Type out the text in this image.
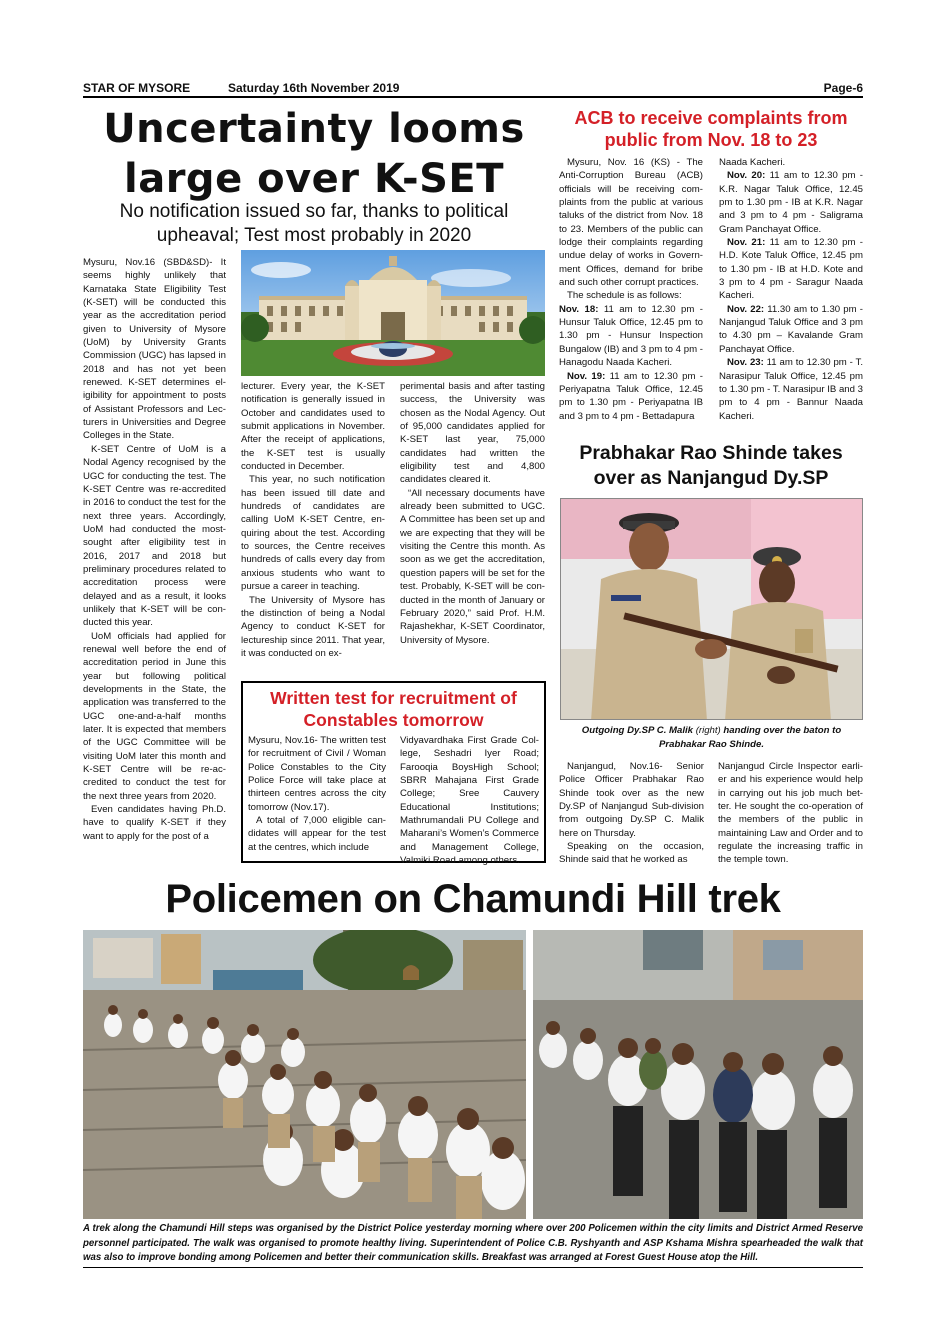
STAR OF MYSORE	Saturday 16th November 2019	Page-6
Uncertainty looms
large over K-SET
No notification issued so far, thanks to political
upheaval; Test most probably in 2020

Mysuru, Nov.16 (SBD&SD)- It seems highly unlikely that Karnataka State Eligibility Test (K-SET) will be conducted this year as the accreditation period given to University of Mysore (UoM) by University Grants Commission (UGC) has lapsed in 2018 and has not yet been renewed. K-SET determines eligibility for appointment to posts of Assistant Professors and Lecturers in Universities and Degree Colleges in the State.

K-SET Centre of UoM is a Nodal Agency recognised by the UGC for conducting the test. The K-SET Centre was re-accredited in 2016 to conduct the test for the next three years. Accordingly, UoM had conducted the most-sought after eligibility test in 2016, 2017 and 2018 but preliminary procedures related to accreditation process were delayed and as a result, it looks unlikely that K-SET will be conducted this year.

UoM officials had applied for renewal well before the end of accreditation period in June this year but following political developments in the State, the application was transferred to the UGC one-and-a-half months later. It is expected that members of the UGC Committee will be visiting UoM later this month and K-SET Centre will be re-accredited to conduct the test for the next three years from 2020.

Even candidates having Ph.D. have to qualify K-SET if they want to apply for the post of a

lecturer. Every year, the K-SET notification is generally issued in October and candidates used to submit applications in November. After the receipt of applications, the K-SET test is usually conducted in December.

This year, no such notification has been issued till date and hundreds of candidates are calling UoM K-SET Centre, enquiring about the test. According to sources, the Centre receives hundreds of calls every day from anxious students who want to pursue a career in teaching.

The University of Mysore has the distinction of being a Nodal Agency to conduct K-SET for lectureship since 2011. That year, it was conducted on ex-

perimental basis and after tasting success, the University was chosen as the Nodal Agency. Out of 95,000 candidates applied for K-SET last year, 75,000 candidates had written the eligibility test and 4,800 candidates cleared it.

“All necessary documents have already been submitted to UGC. A Committee has been set up and we are expecting that they will be visiting the Centre this month. As soon as we get the accreditation, question papers will be set for the test. Probably, K-SET will be conducted in the month of January or February 2020,” said Prof. H.M. Rajashekhar, K-SET Coordinator, University of Mysore.

Written test for recruitment of
Constables tomorrow

Mysuru, Nov.16- The written test for recruitment of Civil / Woman Police Constables to the City Police Force will take place at thirteen centres across the city tomorrow (Nov.17).

A total of 7,000 eligible candidates will appear for the test at the centres, which include

Vidyavardhaka First Grade College, Seshadri Iyer Road; Farooqia BoysHigh School; SBRR Mahajana First Grade College; Sree Cauvery Educational Institutions; Mathrumandali PU College and Maharani’s Women’s Commerce and Management College, Valmiki Road among others.

ACB to receive complaints from
public from Nov. 18 to 23

Mysuru, Nov. 16 (KS) - The Anti-Corruption Bureau (ACB) officials will be receiving complaints from the public at various taluks of the district from Nov. 18 to 23. Members of the public can lodge their complaints regarding undue delay of works in Government Offices, demand for bribe and such other corrupt practices.

The schedule is as follows:

Nov. 18: 11 am to 12.30 pm - Hunsur Taluk Office, 12.45 pm to 1.30 pm - Hunsur Inspection Bungalow (IB) and 3 pm to 4 pm - Hanagodu Naada Kacheri.

Nov. 19: 11 am to 12.30 pm - Periyapatna Taluk Office, 12.45 pm to 1.30 pm - Periyapatna IB and 3 pm to 4 pm - Bettadapura

Naada Kacheri.

Nov. 20: 11 am to 12.30 pm - K.R. Nagar Taluk Office, 12.45 pm to 1.30 pm - IB at K.R. Nagar and 3 pm to 4 pm - Saligrama Gram Panchayat Office.

Nov. 21: 11 am to 12.30 pm - H.D. Kote Taluk Office, 12.45 pm to 1.30 pm - IB at H.D. Kote and 3 pm to 4 pm - Saragur Naada Kacheri.

Nov. 22: 11.30 am to 1.30 pm - Nanjangud Taluk Office and 3 pm to 4.30 pm – Kavalande Gram Panchayat Office.

Nov. 23: 11 am to 12.30 pm - T. Narasipur Taluk Office, 12.45 pm to 1.30 pm - T. Narasipur IB and 3 pm to 4 pm - Bannur Naada Kacheri.

Prabhakar Rao Shinde takes
over as Nanjangud Dy.SP
Outgoing Dy.SP C. Malik (right) handing over the baton to
Prabhakar Rao Shinde.

Nanjangud, Nov.16- Senior Police Officer Prabhakar Rao Shinde took over as the new Dy.SP of Nanjangud Sub-division from outgoing Dy.SP C. Malik here on Thursday.

Speaking on the occasion, Shinde said that he worked as

Nanjangud Circle Inspector earlier and his experience would help in carrying out his job much better. He sought the co-operation of the members of the public in maintaining Law and Order and to regulate the increasing traffic in the temple town.

Policemen on Chamundi Hill trek
A trek along the Chamundi Hill steps was organised by the District Police yesterday morning where over 200 Policemen within the city limits and District Armed Reserve personnel participated. The walk was organised to promote healthy living. Superintendent of Police C.B. Ryshyanth and ASP Kshama Mishra spearheaded the walk that was also to improve bonding among Policemen and better their communication skills. Breakfast was arranged at Forest Guest House atop the Hill.
